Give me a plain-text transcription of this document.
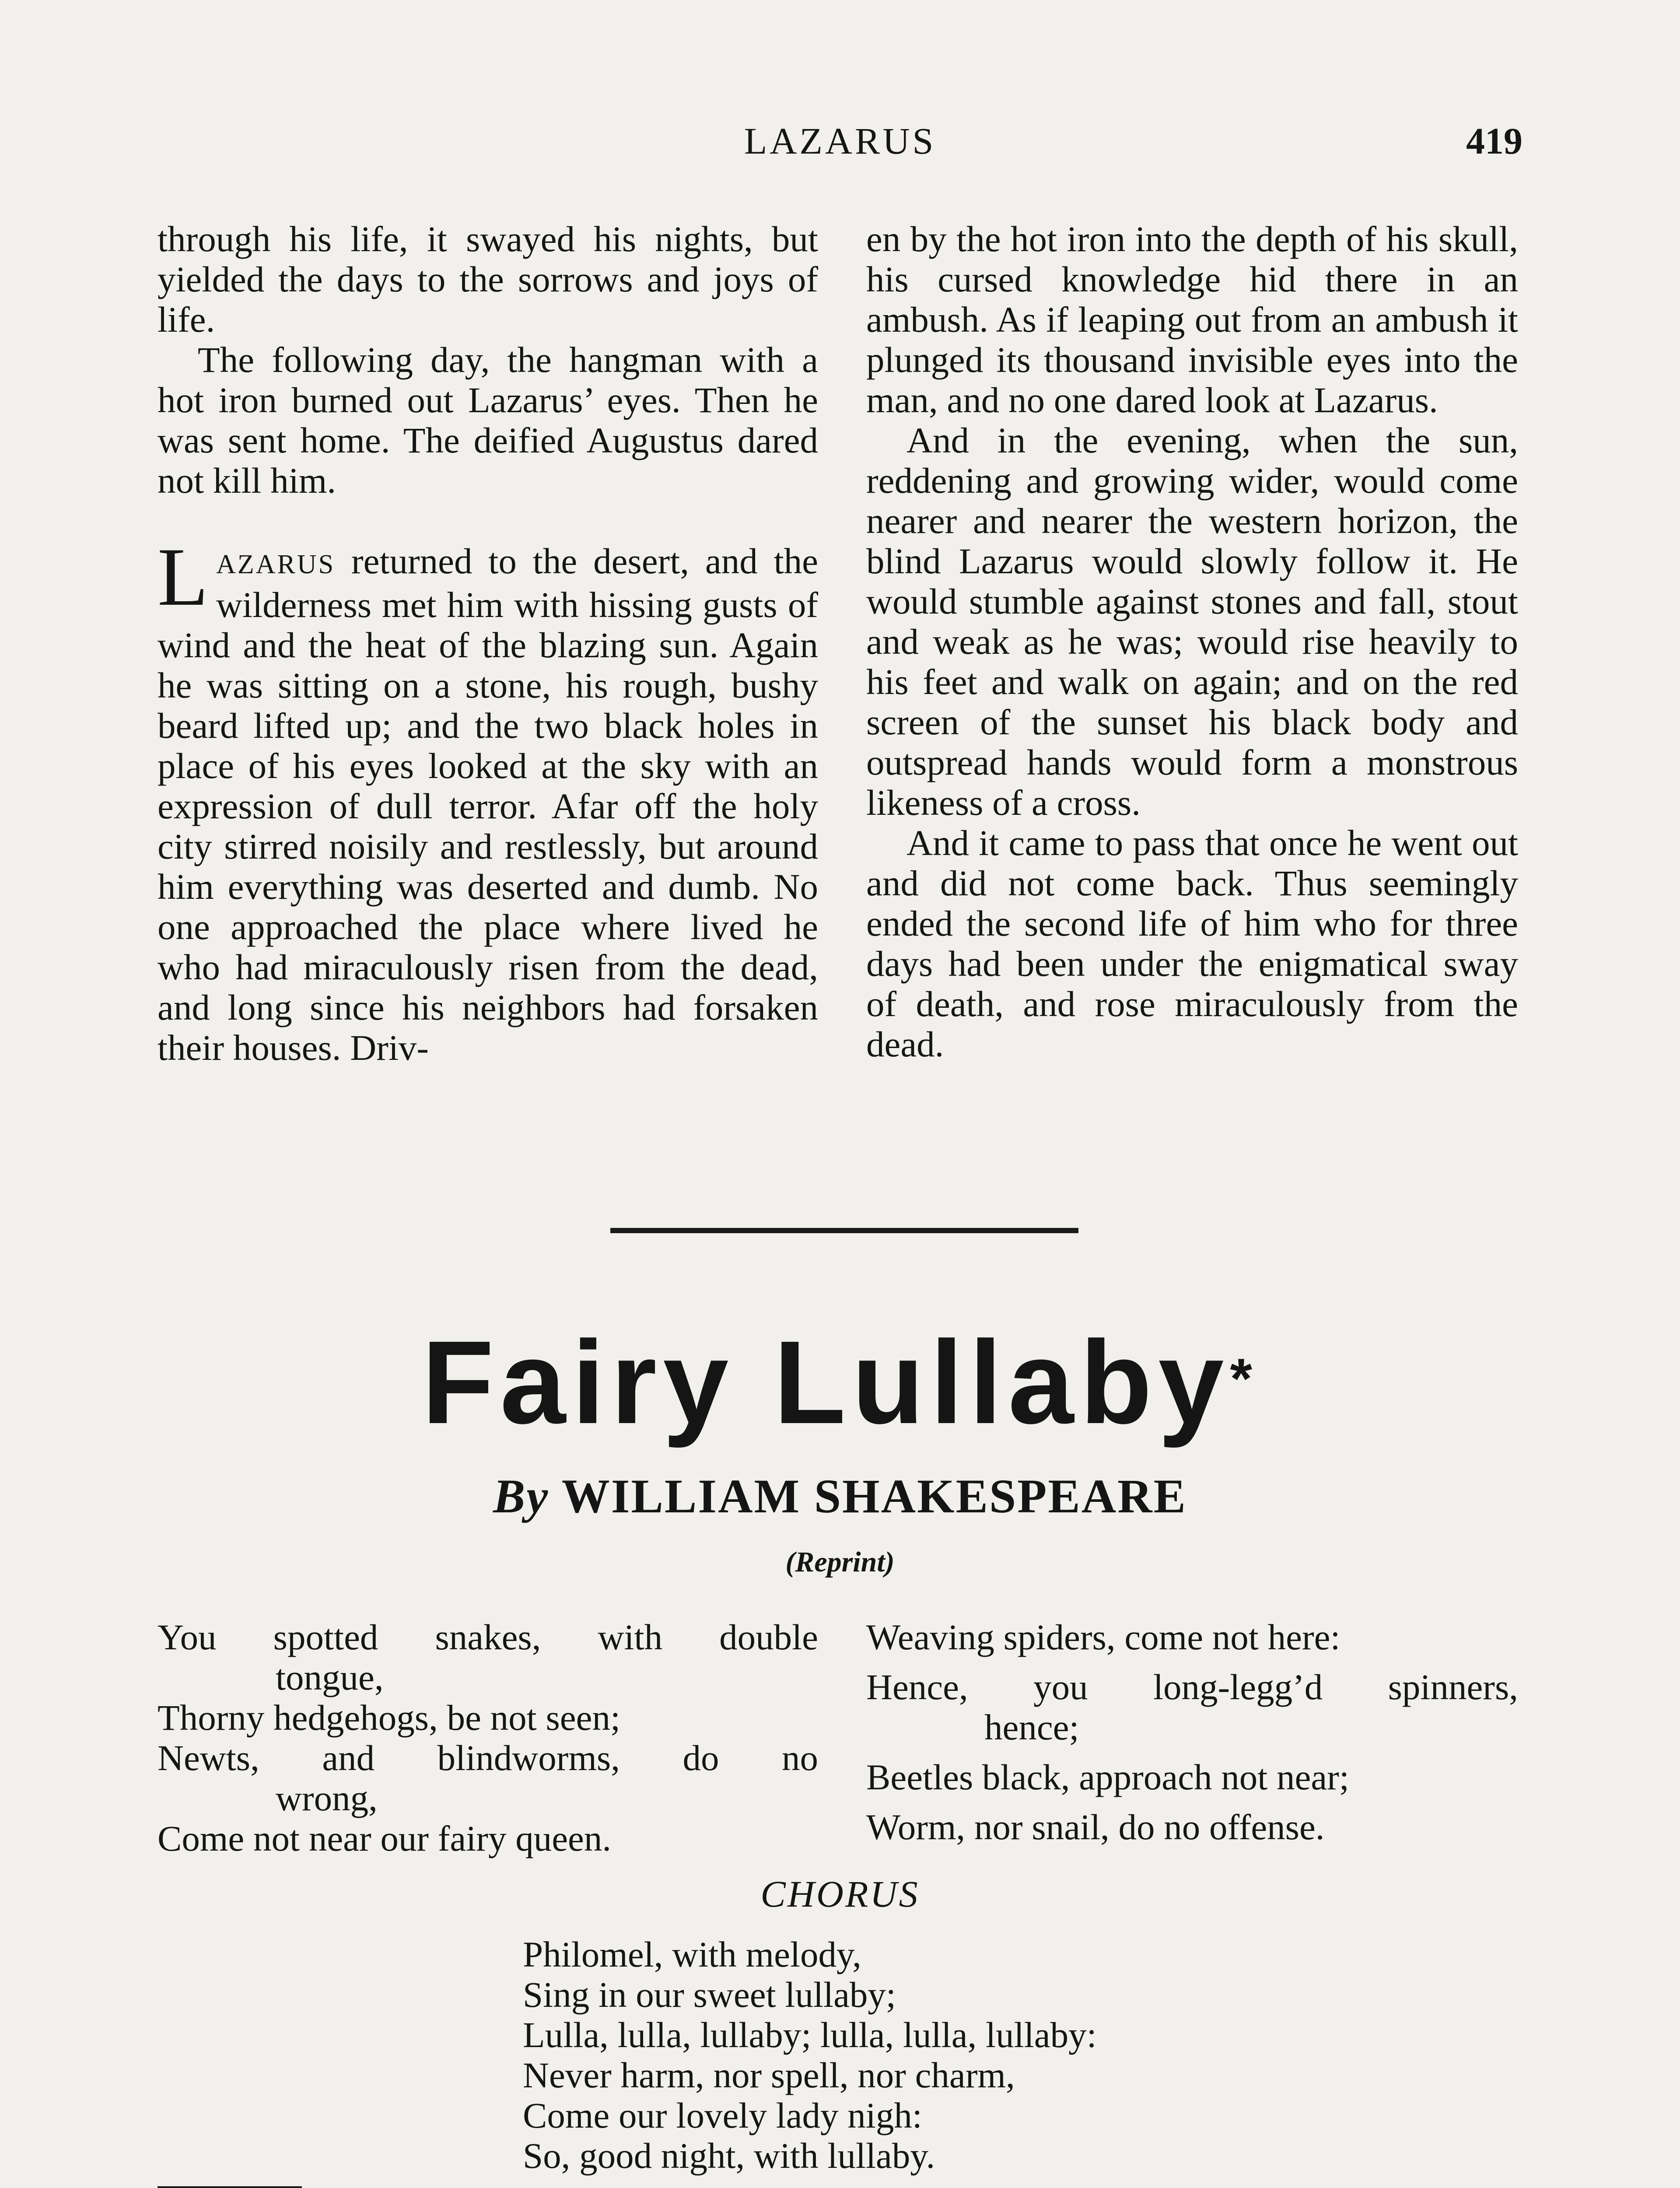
LAZARUS	419

through his life, it swayed his nights, but yielded the days to the sorrows and joys of life.

The following day, the hangman with a hot iron burned out Lazarus’ eyes. Then he was sent home. The deified Augustus dared not kill him.

LAZARUS returned to the desert, and the wilderness met him with hissing gusts of wind and the heat of the blazing sun. Again he was sitting on a stone, his rough, bushy beard lifted up; and the two black holes in place of his eyes looked at the sky with an expression of dull terror. Afar off the holy city stirred noisily and restlessly, but around him everything was deserted and dumb. No one approached the place where lived he who had miraculously risen from the dead, and long since his neighbors had forsaken their houses. Driv-

en by the hot iron into the depth of his skull, his cursed knowledge hid there in an ambush. As if leaping out from an ambush it plunged its thousand invisible eyes into the man, and no one dared look at Lazarus.

And in the evening, when the sun, reddening and growing wider, would come nearer and nearer the western horizon, the blind Lazarus would slowly follow it. He would stumble against stones and fall, stout and weak as he was; would rise heavily to his feet and walk on again; and on the red screen of the sunset his black body and outspread hands would form a monstrous likeness of a cross.

And it came to pass that once he went out and did not come back. Thus seemingly ended the second life of him who for three days had been under the enigmatical sway of death, and rose miraculously from the dead.

Fairy Lullaby*
By WILLIAM SHAKESPEARE
(Reprint)
You spotted snakes, with double
tongue,
Thorny hedgehogs, be not seen;
Newts, and blindworms, do no
wrong,
Come not near our fairy queen.
Weaving spiders, come not here:
Hence, you long-legg’d spinners,
hence;
Beetles black, approach not near;
Worm, nor snail, do no offense.
CHORUS
Philomel, with melody,
Sing in our sweet lullaby;
Lulla, lulla, lullaby; lulla, lulla, lullaby:
Never harm, nor spell, nor charm,
Come our lovely lady nigh:
So, good night, with lullaby.
